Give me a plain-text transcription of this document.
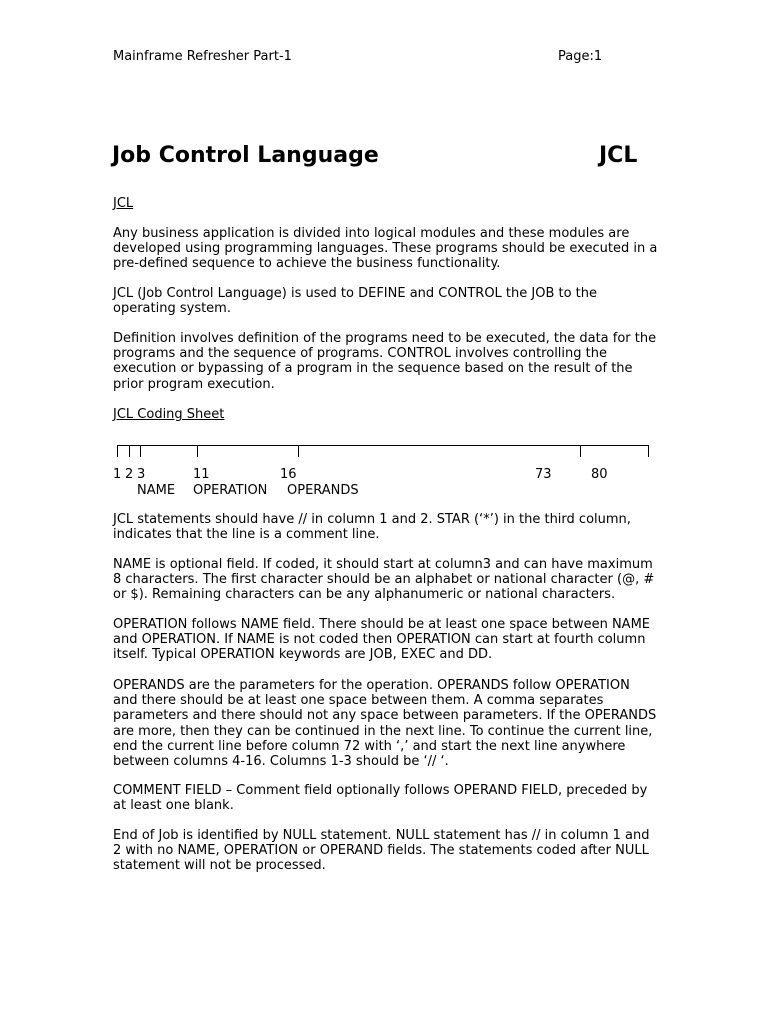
Mainframe Refresher Part-1	Page:1
Job Control Language	JCL
JCL

Any business application is divided into logical modules and these modules are developed using programming languages. These programs should be executed in a pre-defined sequence to achieve the business functionality.

JCL (Job Control Language) is used to DEFINE and CONTROL the JOB to the operating system.

Definition involves definition of the programs need to be executed, the data for the programs and the sequence of programs. CONTROL involves controlling the execution or bypassing of a program in the sequence based on the result of the prior program execution.

JCL Coding Sheet
1 2 3	11	16	73	80
NAME OPERATION OPERANDS

JCL statements should have // in column 1 and 2. STAR (‘*’) in the third column, indicates that the line is a comment line.

NAME is optional field. If coded, it should start at column3 and can have maximum 8 characters. The first character should be an alphabet or national character (@, # or $). Remaining characters can be any alphanumeric or national characters.

OPERATION follows NAME field. There should be at least one space between NAME and OPERATION. If NAME is not coded then OPERATION can start at fourth column itself. Typical OPERATION keywords are JOB, EXEC and DD.

OPERANDS are the parameters for the operation. OPERANDS follow OPERATION and there should be at least one space between them. A comma separates parameters and there should not any space between parameters. If the OPERANDS are more, then they can be continued in the next line. To continue the current line, end the current line before column 72 with ‘,’ and start the next line anywhere between columns 4-16. Columns 1-3 should be ‘// ‘.

COMMENT FIELD – Comment field optionally follows OPERAND FIELD, preceded by at least one blank.

End of Job is identified by NULL statement. NULL statement has // in column 1 and 2 with no NAME, OPERATION or OPERAND fields. The statements coded after NULL statement will not be processed.
